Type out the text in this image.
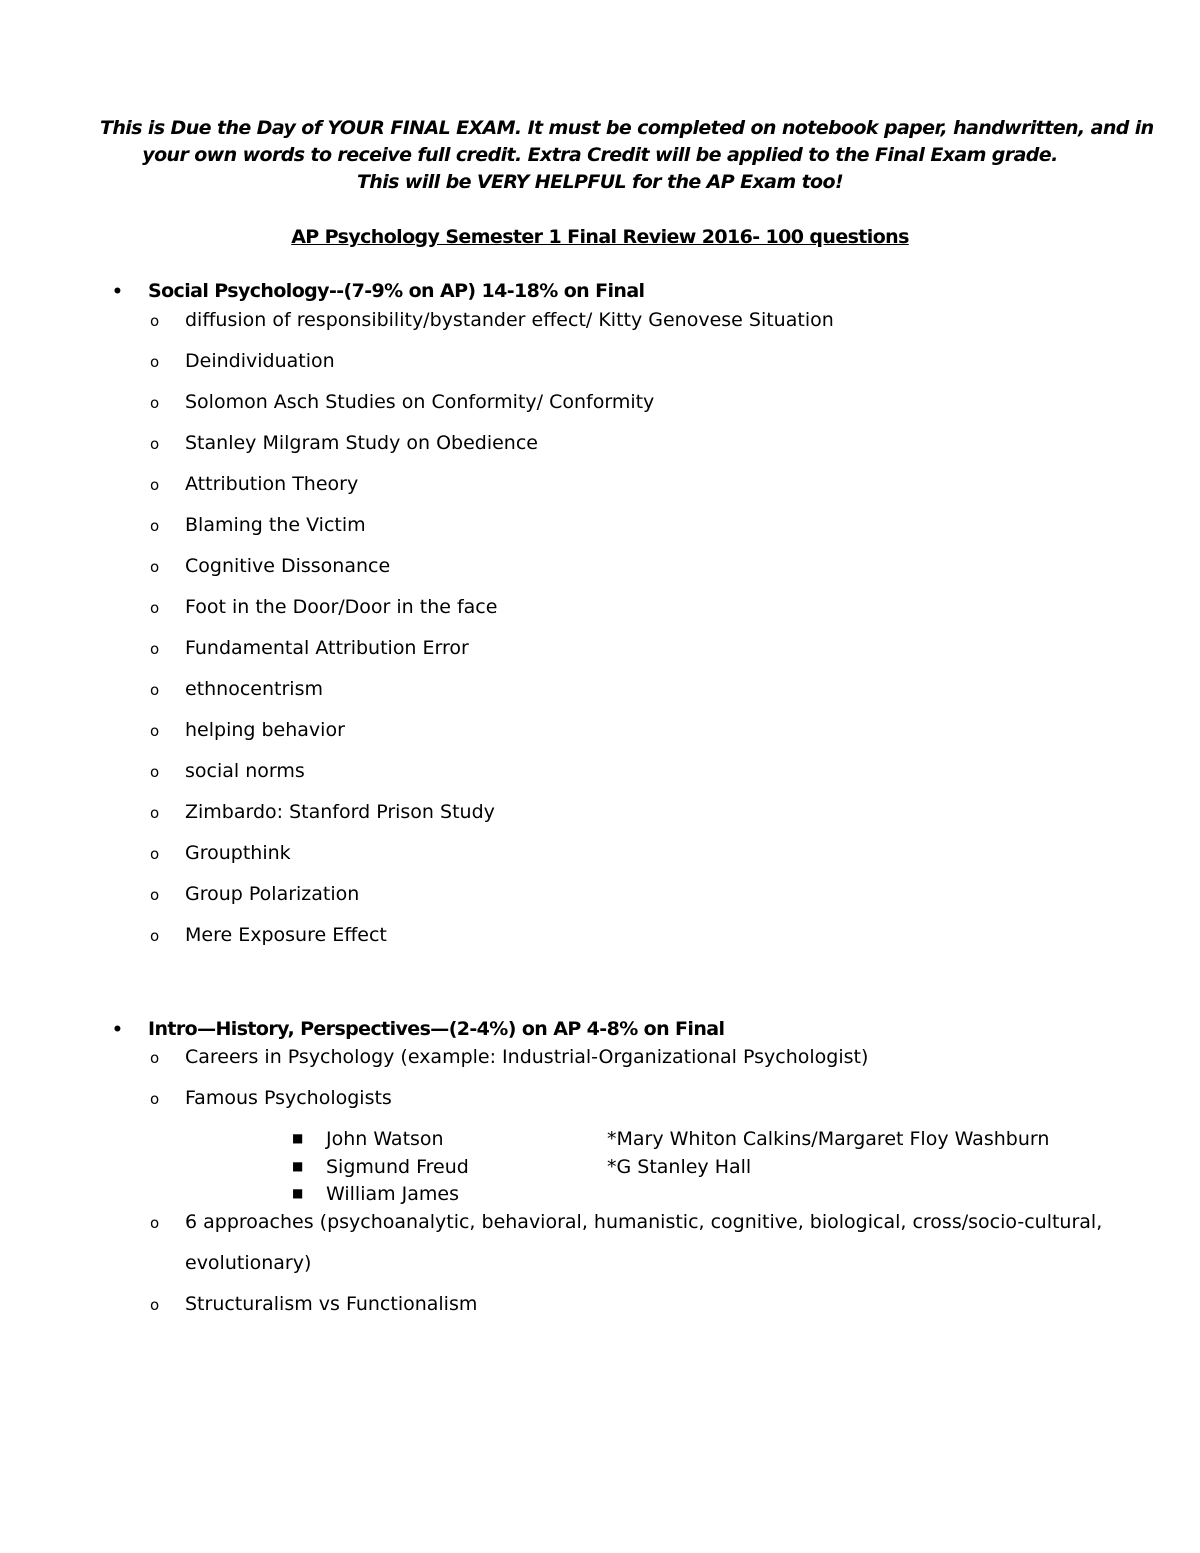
This is Due the Day of YOUR FINAL EXAM. It must be completed on notebook paper, handwritten, and in
your own words to receive full credit. Extra Credit will be applied to the Final Exam grade.
This will be VERY HELPFUL for the AP Exam too!
AP Psychology Semester 1 Final Review 2016- 100 questions
• Social Psychology--(7-9% on AP) 14-18% on Final
o diffusion of responsibility/bystander effect/ Kitty Genovese Situation
o Deindividuation
o Solomon Asch Studies on Conformity/ Conformity
o Stanley Milgram Study on Obedience
o Attribution Theory
o Blaming the Victim
o Cognitive Dissonance
o Foot in the Door/Door in the face
o Fundamental Attribution Error
o ethnocentrism
o helping behavior
o social norms
o Zimbardo: Stanford Prison Study
o Groupthink
o Group Polarization
o Mere Exposure Effect
• Intro—History, Perspectives—(2-4%) on AP 4-8% on Final
o Careers in Psychology (example: Industrial-Organizational Psychologist)
o Famous Psychologists
■ John Watson
■ Sigmund Freud
■ William James
*Mary Whiton Calkins/Margaret Floy Washburn
*G Stanley Hall
o 6 approaches (psychoanalytic, behavioral, humanistic, cognitive, biological, cross/socio-cultural,
evolutionary)
o Structuralism vs Functionalism
